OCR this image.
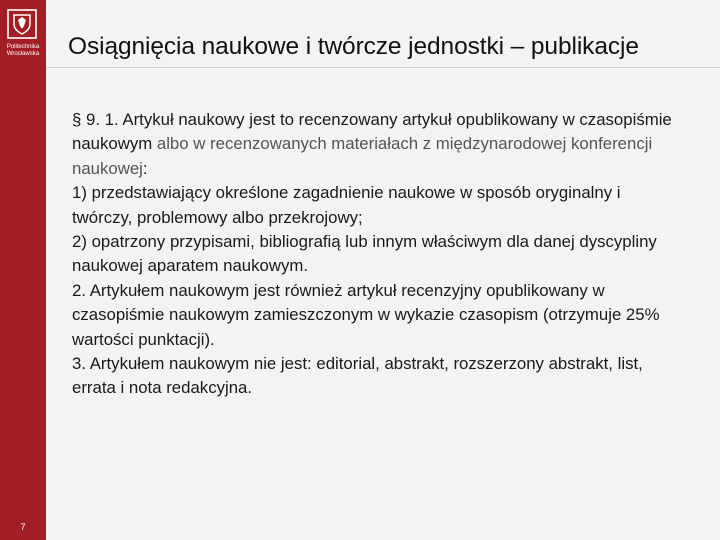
Politechnika
Wrocławska
7
Osiągnięcia naukowe i twórcze jednostki – publikacje

§ 9. 1. Artykuł naukowy jest to recenzowany artykuł opublikowany w czasopiśmie naukowym albo w recenzowanych materiałach z międzynarodowej konferencji naukowej:

1) przedstawiający określone zagadnienie naukowe w sposób oryginalny i twórczy, problemowy albo przekrojowy;

2) opatrzony przypisami, bibliografią lub innym właściwym dla danej dyscypliny naukowej aparatem naukowym.

2. Artykułem naukowym jest również artykuł recenzyjny opublikowany w czasopiśmie naukowym zamieszczonym w wykazie czasopism (otrzymuje 25% wartości punktacji).

3. Artykułem naukowym nie jest: editorial, abstrakt, rozszerzony abstrakt, list, errata i nota redakcyjna.
